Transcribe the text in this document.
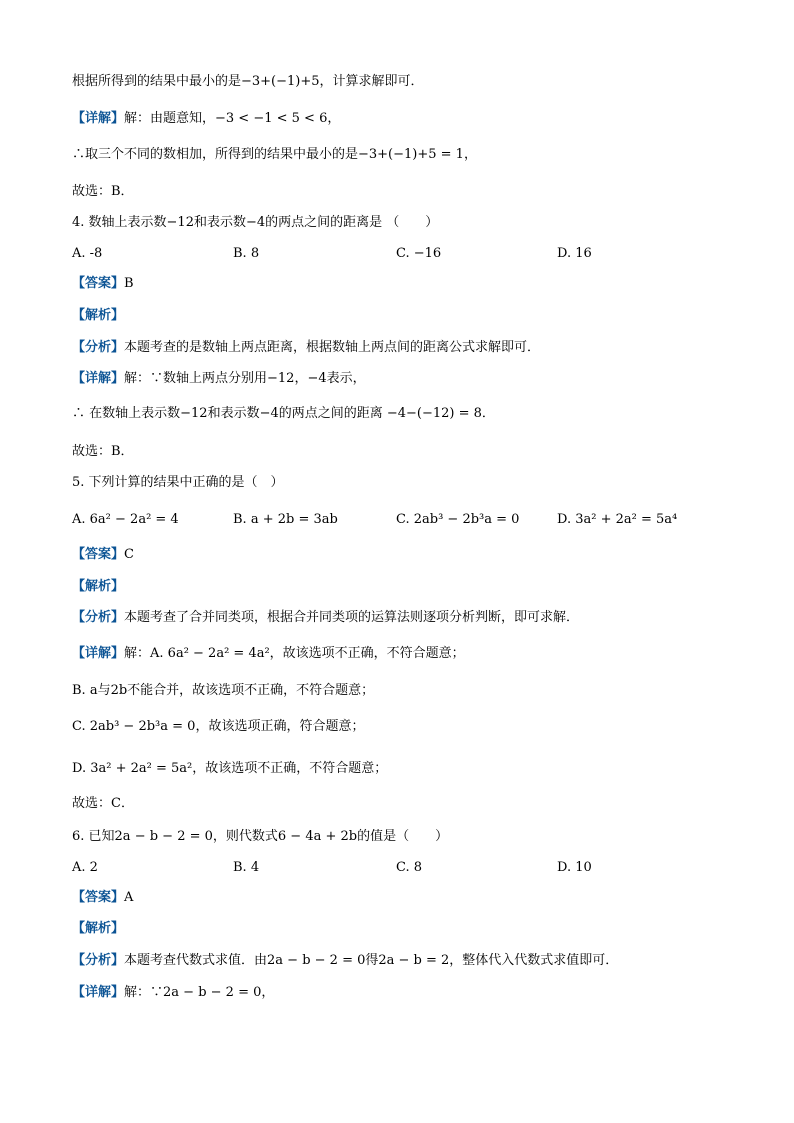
根据所得到的结果中最小的是−3+(−1)+5，计算求解即可．
【详解】解：由题意知，−3 < −1 < 5 < 6，
∴取三个不同的数相加，所得到的结果中最小的是−3+(−1)+5 = 1，
故选：B．
4. 数轴上表示数−12和表示数−4的两点之间的距离是 （　　）
A. -8	B. 8	C. −16	D. 16
【答案】B
【解析】
【分析】本题考查的是数轴上两点距离，根据数轴上两点间的距离公式求解即可．
【详解】解：∵数轴上两点分别用−12，−4表示，
∴ 在数轴上表示数−12和表示数−4的两点之间的距离 −4−(−12) = 8．
故选：B．
5. 下列计算的结果中正确的是（　）
A. 6a² − 2a² = 4	B. a + 2b = 3ab	C. 2ab³ − 2b³a = 0	D. 3a² + 2a² = 5a⁴
【答案】C
【解析】
【分析】本题考查了合并同类项，根据合并同类项的运算法则逐项分析判断，即可求解．
【详解】解：A. 6a² − 2a² = 4a²，故该选项不正确，不符合题意；
B. a与2b不能合并，故该选项不正确，不符合题意；
C. 2ab³ − 2b³a = 0，故该选项正确，符合题意；
D. 3a² + 2a² = 5a²，故该选项不正确，不符合题意；
故选：C．
6. 已知2a − b − 2 = 0，则代数式6 − 4a + 2b的值是（　　）
A. 2	B. 4	C. 8	D. 10
【答案】A
【解析】
【分析】本题考查代数式求值．由2a − b − 2 = 0得2a − b = 2，整体代入代数式求值即可．
【详解】解：∵2a − b − 2 = 0，
